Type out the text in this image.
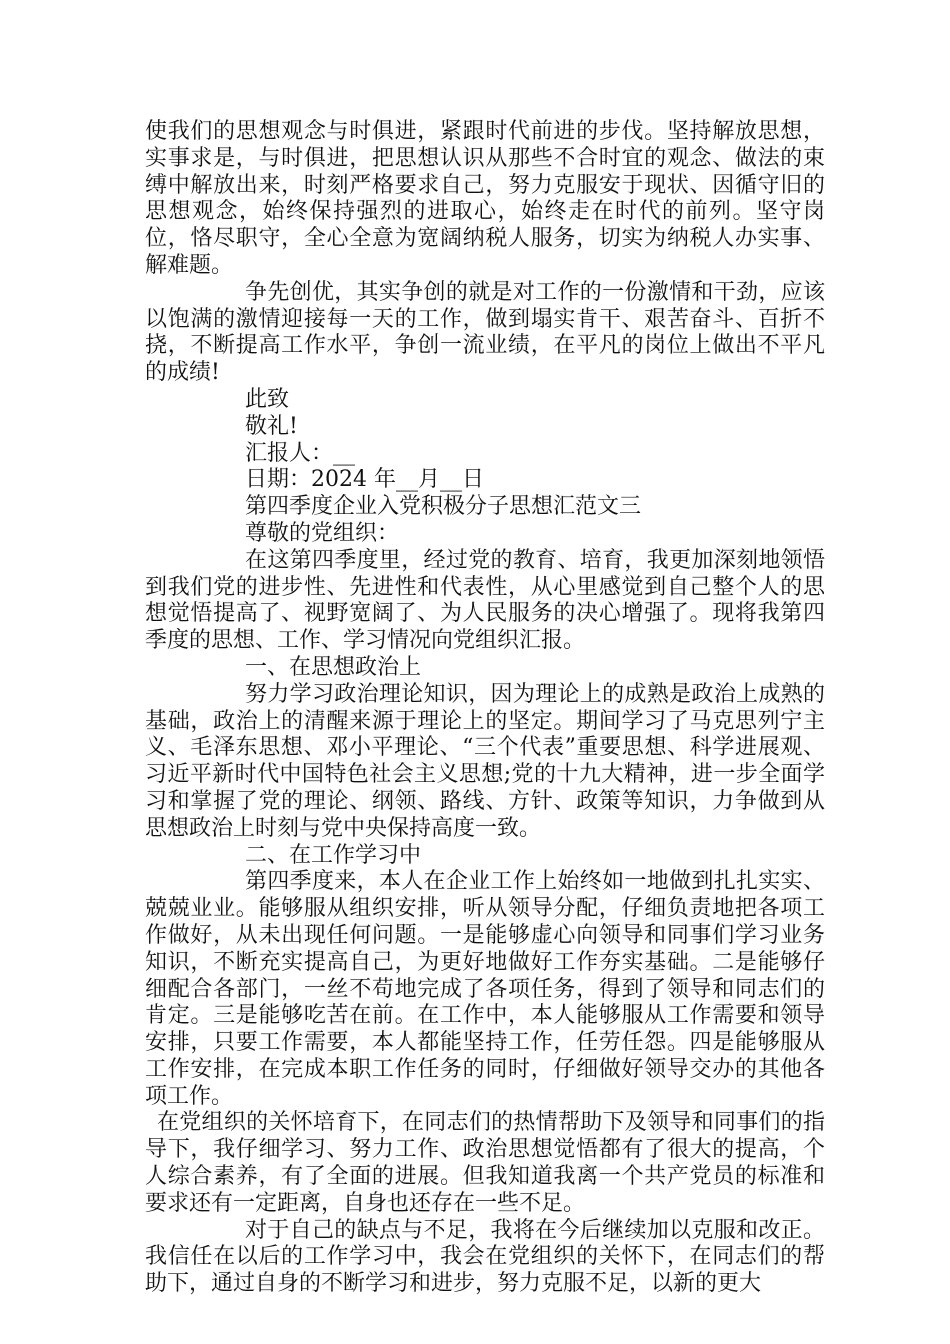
使我们的思想观念与时俱进，紧跟时代前进的步伐。坚持解放思想，实事求是，与时俱进，把思想认识从那些不合时宜的观念、做法的束缚中解放出来，时刻严格要求自己，努力克服安于现状、因循守旧的思想观念，始终保持强烈的进取心，始终走在时代的前列。坚守岗位，恪尽职守，全心全意为宽阔纳税人服务，切实为纳税人办实事、解难题。

争先创优，其实争创的就是对工作的一份激情和干劲，应该以饱满的激情迎接每一天的工作，做到塌实肯干、艰苦奋斗、百折不挠，不断提高工作水平，争创一流业绩，在平凡的岗位上做出不平凡的成绩!

此致

敬礼!

汇报人：__

日期：2024 年__月__日

第四季度企业入党积极分子思想汇范文三

尊敬的党组织：

在这第四季度里，经过党的教育、培育，我更加深刻地领悟到我们党的进步性、先进性和代表性，从心里感觉到自己整个人的思想觉悟提高了、视野宽阔了、为人民服务的决心增强了。现将我第四季度的思想、工作、学习情况向党组织汇报。

一、在思想政治上

努力学习政治理论知识，因为理论上的成熟是政治上成熟的基础，政治上的清醒来源于理论上的坚定。期间学习了马克思列宁主义、毛泽东思想、邓小平理论、“三个代表”重要思想、科学进展观、习近平新时代中国特色社会主义思想;党的十九大精神，进一步全面学习和掌握了党的理论、纲领、路线、方针、政策等知识，力争做到从思想政治上时刻与党中央保持高度一致。

二、在工作学习中

第四季度来，本人在企业工作上始终如一地做到扎扎实实、兢兢业业。能够服从组织安排，听从领导分配，仔细负责地把各项工作做好，从未出现任何问题。一是能够虚心向领导和同事们学习业务知识，不断充实提高自己，为更好地做好工作夯实基础。二是能够仔细配合各部门，一丝不苟地完成了各项任务，得到了领导和同志们的肯定。三是能够吃苦在前。在工作中，本人能够服从工作需要和领导安排，只要工作需要，本人都能坚持工作，任劳任怨。四是能够服从工作安排，在完成本职工作任务的同时，仔细做好领导交办的其他各项工作。

在党组织的关怀培育下，在同志们的热情帮助下及领导和同事们的指导下，我仔细学习、努力工作、政治思想觉悟都有了很大的提高，个人综合素养，有了全面的进展。但我知道我离一个共产党员的标准和要求还有一定距离，自身也还存在一些不足。

对于自己的缺点与不足，我将在今后继续加以克服和改正。我信任在以后的工作学习中，我会在党组织的关怀下，在同志们的帮助下，通过自身的不断学习和进步，努力克服不足，以新的更大
